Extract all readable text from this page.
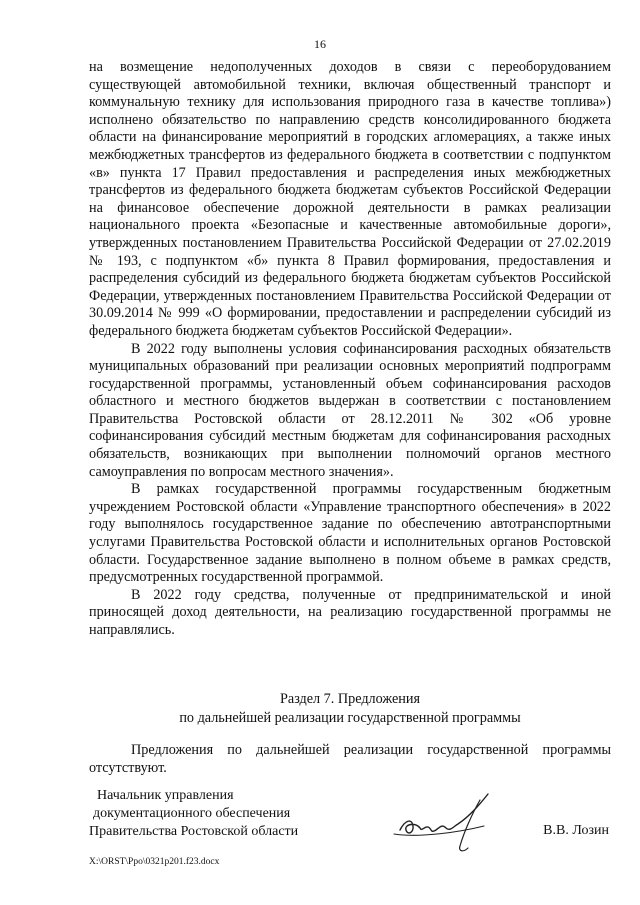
16

на возмещение недополученных доходов в связи с переоборудованием существующей автомобильной техники, включая общественный транспорт и коммунальную технику для использования природного газа в качестве топлива») исполнено обязательство по направлению средств консолидированного бюджета области на финансирование мероприятий в городских агломерациях, а также иных межбюджетных трансфертов из федерального бюджета в соответствии с подпунктом «в» пункта 17 Правил предоставления и распределения иных межбюджетных трансфертов из федерального бюджета бюджетам субъектов Российской Федерации на финансовое обеспечение дорожной деятельности в рамках реализации национального проекта «Безопасные и качественные автомобильные дороги», утвержденных постановлением Правительства Российской Федерации от 27.02.2019 № 193, с подпунктом «б» пункта 8 Правил формирования, предоставления и распределения субсидий из федерального бюджета бюджетам субъектов Российской Федерации, утвержденных постановлением Правительства Российской Федерации от 30.09.2014 № 999 «О формировании, предоставлении и распределении субсидий из федерального бюджета бюджетам субъектов Российской Федерации».

В 2022 году выполнены условия софинансирования расходных обязательств муниципальных образований при реализации основных мероприятий подпрограмм государственной программы, установленный объем софинансирования расходов областного и местного бюджетов выдержан в соответствии с постановлением Правительства Ростовской области от 28.12.2011 № 302 «Об уровне софинансирования субсидий местным бюджетам для софинансирования расходных обязательств, возникающих при выполнении полномочий органов местного самоуправления по вопросам местного значения».

В рамках государственной программы государственным бюджетным учреждением Ростовской области «Управление транспортного обеспечения» в 2022 году выполнялось государственное задание по обеспечению автотранспортными услугами Правительства Ростовской области и исполнительных органов Ростовской области. Государственное задание выполнено в полном объеме в рамках средств, предусмотренных государственной программой.

В 2022 году средства, полученные от предпринимательской и иной приносящей доход деятельности, на реализацию государственной программы не направлялись.

Раздел 7. Предложения
по дальнейшей реализации государственной программы

Предложения по дальнейшей реализации государственной программы отсутствуют.

Начальник управления
документационного обеспечения
Правительства Ростовской области	В.В. Лозин
X:\ORST\Ppo\0321p201.f23.docx
